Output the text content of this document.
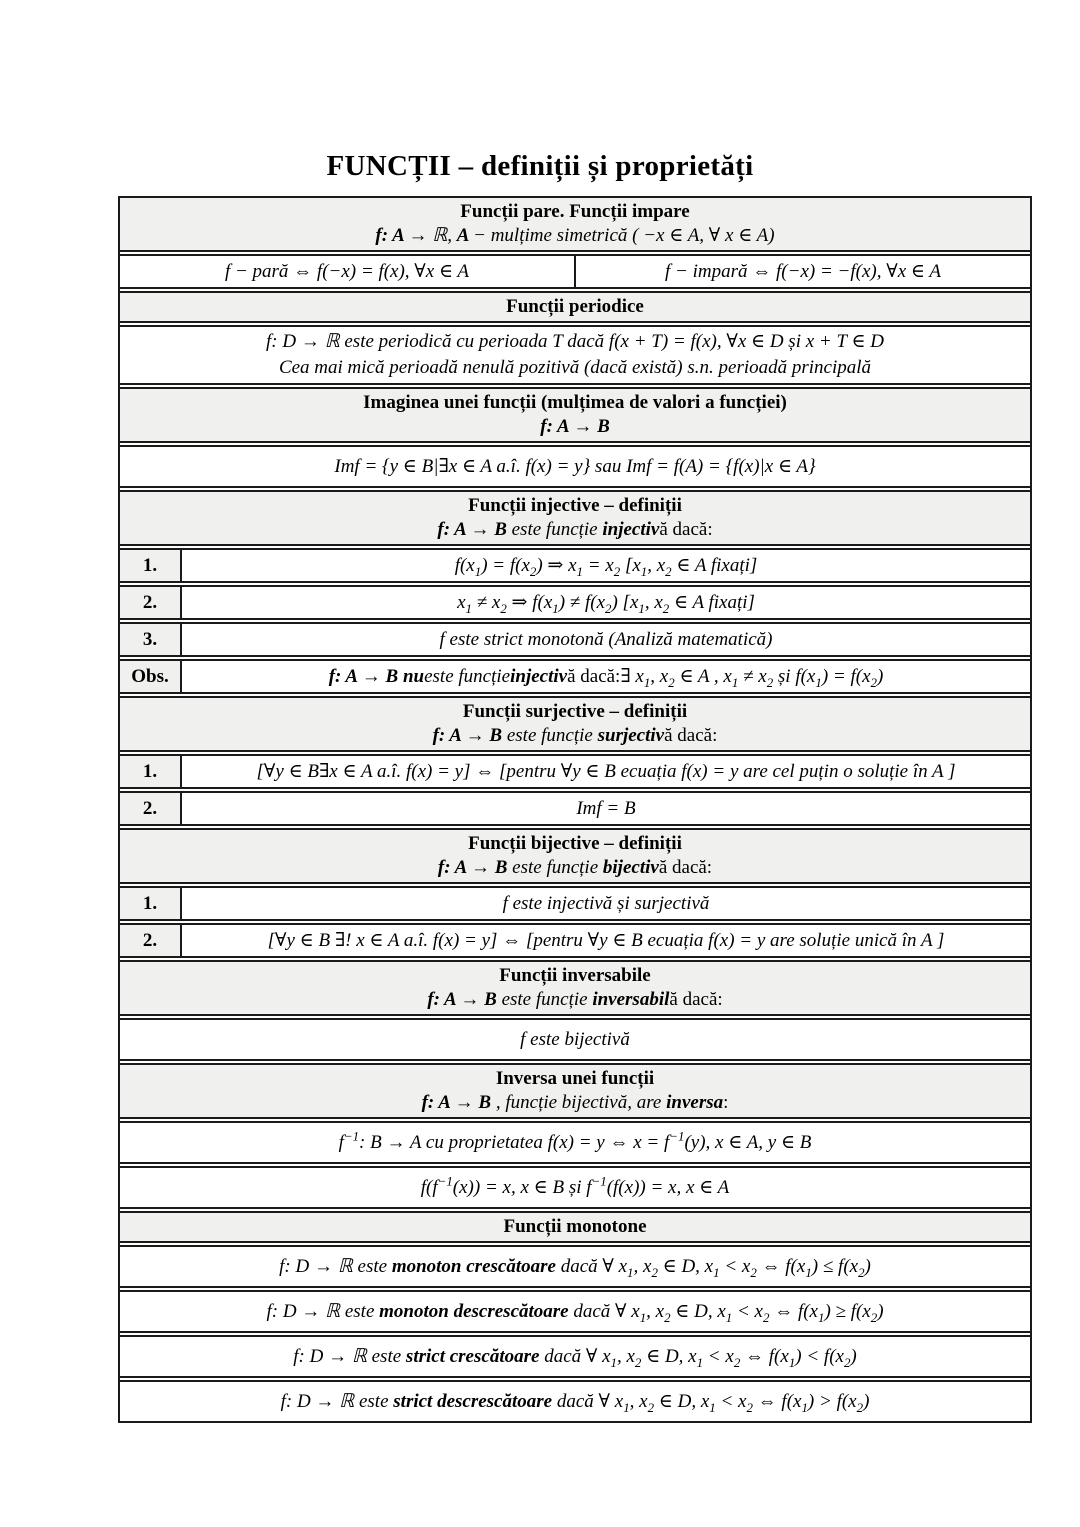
FUNCȚII – definiții și proprietăți
Funcții pare. Funcții impare
f: A → ℝ, A − mulțime simetrică ( −x ∈ A, ∀ x ∈ A)
f − pară ⇔ f(−x) = f(x), ∀x ∈ A	f − impară ⇔ f(−x) = −f(x), ∀x ∈ A
Funcții periodice
f: D → ℝ este periodică cu perioada T dacă f(x + T) = f(x), ∀x ∈ D și x + T ∈ D
Cea mai mică perioadă nenulă pozitivă (dacă există) s.n. perioadă principală
Imaginea unei funcții (mulțimea de valori a funcției)
f: A → B
Imf = {y ∈ B|∃x ∈ A a.î. f(x) = y} sau Imf = f(A) = {f(x)|x ∈ A}
Funcții injective – definiții
f: A → B este funcție injectivă dacă:
1.	$f(x_1) = f(x_2)$ ⇒ $x_1 = x_2$ [$x_1$, $x_2$ ∈ A fixați]
2.	$x_1 \ne x_2$ ⇒ $f(x_1) \ne f(x_2)$ [$x_1$, $x_2$ ∈ A fixați]
3.	f este strict monotonă (Analiză matematică)
Obs.	f: A → B nu este funcție injectiv ă dacă: ∃ $x_1$, $x_2$ ∈ A , $x_1 \ne x_2$ și $f(x_1) = f(x_2)$
Funcții surjective – definiții
f: A → B este funcție surjectivă dacă:
1.	[∀y ∈ B∃x ∈ A a.î. f(x) = y] ⇔ [pentru ∀y ∈ B ecuația f(x) = y are cel puțin o soluție în A ]
2.	Imf = B
Funcții bijective – definiții
f: A → B este funcție bijectivă dacă:
1.	f este injectivă și surjectivă
2.	[∀y ∈ B ∃! x ∈ A a.î. f(x) = y] ⇔ [pentru ∀y ∈ B ecuația f(x) = y are soluție unică în A ]
Funcții inversabile
f: A → B este funcție inversabilă dacă:
f este bijectivă
Inversa unei funcții
f: A → B , funcție bijectivă, are inversa:
$f^{-1}$: B → A cu proprietatea f(x) = y ⇔ $x = f^{-1}(y)$, x ∈ A, y ∈ B
$f(f^{-1}(x)) = x$, x ∈ B și $f^{-1}(f(x)) = x$, x ∈ A
Funcții monotone
f: D → ℝ este monoton crescătoare dacă ∀ $x_1$, $x_2$ ∈ D, $x_1 < x_2$ ⇔ $f(x_1) \le f(x_2)$
f: D → ℝ este monoton descrescătoare dacă ∀ $x_1$, $x_2$ ∈ D, $x_1 < x_2$ ⇔ $f(x_1) \ge f(x_2)$
f: D → ℝ este strict crescătoare dacă ∀ $x_1$, $x_2$ ∈ D, $x_1 < x_2$ ⇔ $f(x_1) < f(x_2)$
f: D → ℝ este strict descrescătoare dacă ∀ $x_1$, $x_2$ ∈ D, $x_1 < x_2$ ⇔ $f(x_1) > f(x_2)$
